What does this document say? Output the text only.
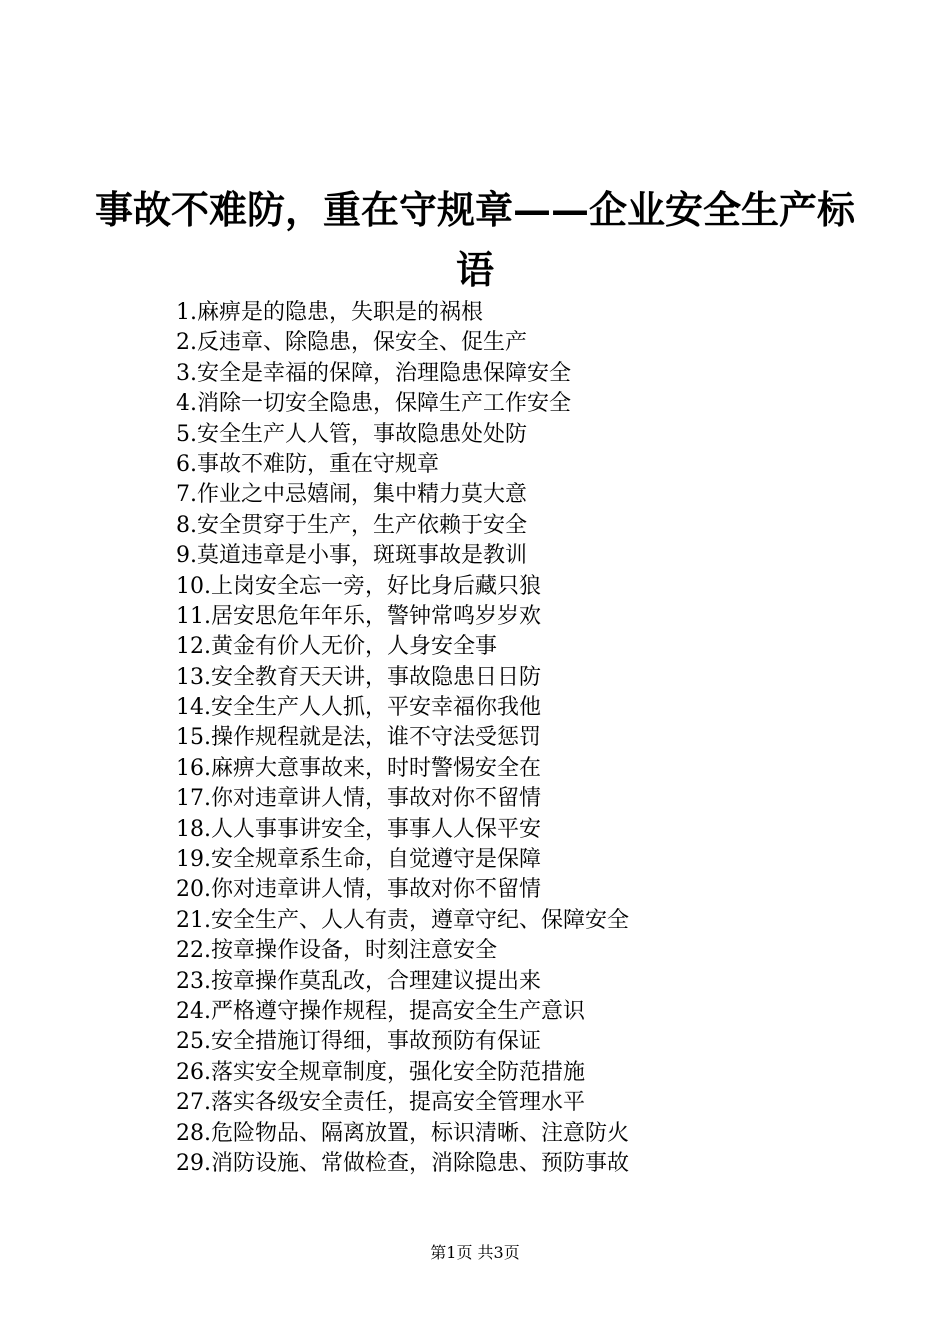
事故不难防，重在守规章——企业安全生产标
语
1.麻痹是的隐患，失职是的祸根
2.反违章、除隐患，保安全、促生产
3.安全是幸福的保障，治理隐患保障安全
4.消除一切安全隐患，保障生产工作安全
5.安全生产人人管，事故隐患处处防
6.事故不难防，重在守规章
7.作业之中忌嬉闹，集中精力莫大意
8.安全贯穿于生产，生产依赖于安全
9.莫道违章是小事，斑斑事故是教训
10.上岗安全忘一旁，好比身后藏只狼
11.居安思危年年乐，警钟常鸣岁岁欢
12.黄金有价人无价，人身安全事
13.安全教育天天讲，事故隐患日日防
14.安全生产人人抓，平安幸福你我他
15.操作规程就是法，谁不守法受惩罚
16.麻痹大意事故来，时时警惕安全在
17.你对违章讲人情，事故对你不留情
18.人人事事讲安全，事事人人保平安
19.安全规章系生命，自觉遵守是保障
20.你对违章讲人情，事故对你不留情
21.安全生产、人人有责，遵章守纪、保障安全
22.按章操作设备，时刻注意安全
23.按章操作莫乱改，合理建议提出来
24.严格遵守操作规程，提高安全生产意识
25.安全措施订得细，事故预防有保证
26.落实安全规章制度，强化安全防范措施
27.落实各级安全责任，提高安全管理水平
28.危险物品、隔离放置，标识清晰、注意防火
29.消防设施、常做检查，消除隐患、预防事故
第1页 共3页
